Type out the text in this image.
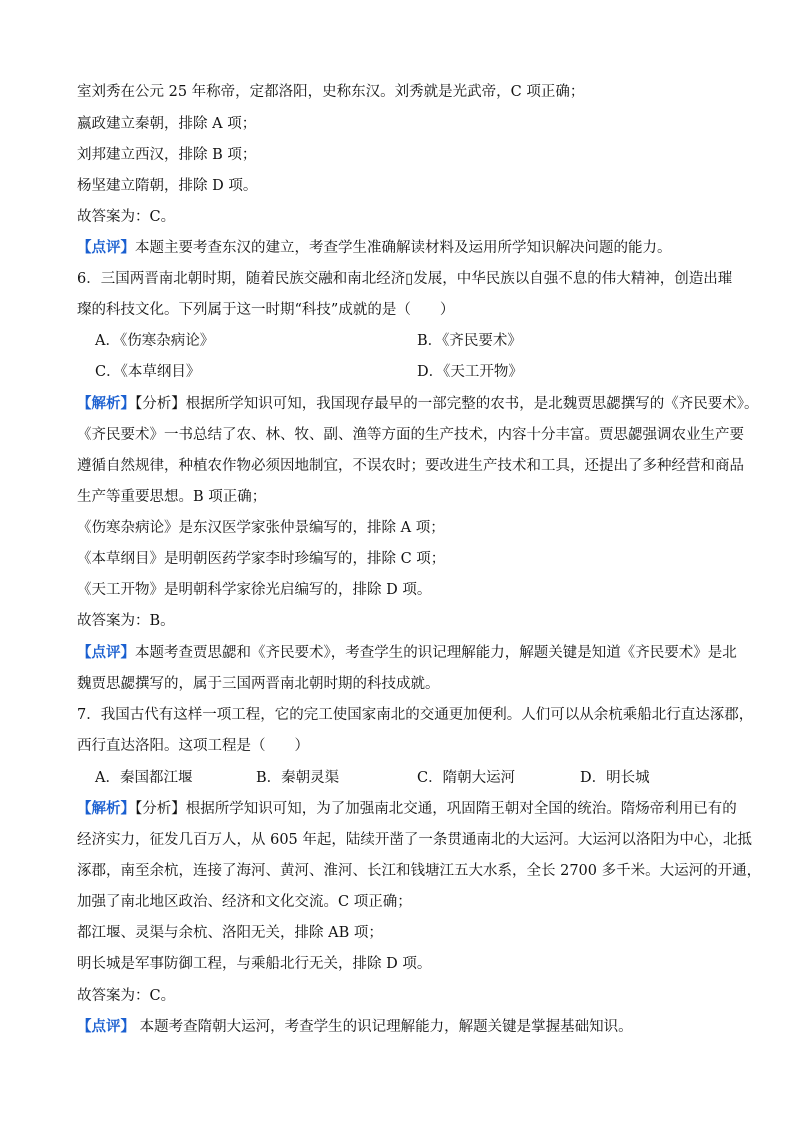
室刘秀在公元 25 年称帝，定都洛阳，史称东汉。刘秀就是光武帝，C 项正确；
嬴政建立秦朝，排除 A 项；
刘邦建立西汉，排除 B 项；
杨坚建立隋朝，排除 D 项。
故答案为：C。
【点评】本题主要考查东汉的建立，考查学生准确解读材料及运用所学知识解决问题的能力。
6．三国两晋南北朝时期，随着民族交融和南北经济▯发展，中华民族以自强不息的伟大精神，创造出璀
璨的科技文化。下列属于这一时期“科技”成就的是（　　）
A．《伤寒杂病论》	B．《齐民要术》
C．《本草纲目》	D．《天工开物》
【解析】【分析】根据所学知识可知，我国现存最早的一部完整的农书，是北魏贾思勰撰写的《齐民要术》。
《齐民要术》一书总结了农、林、牧、副、渔等方面的生产技术，内容十分丰富。贾思勰强调农业生产要
遵循自然规律，种植农作物必须因地制宜，不误农时；要改进生产技术和工具，还提出了多种经营和商品
生产等重要思想。B 项正确；
《伤寒杂病论》是东汉医学家张仲景编写的，排除 A 项；
《本草纲目》是明朝医药学家李时珍编写的，排除 C 项；
《天工开物》是明朝科学家徐光启编写的，排除 D 项。
故答案为：B。
【点评】本题考查贾思勰和《齐民要术》，考查学生的识记理解能力，解题关键是知道《齐民要术》是北
魏贾思勰撰写的，属于三国两晋南北朝时期的科技成就。
7．我国古代有这样一项工程，它的完工使国家南北的交通更加便利。人们可以从余杭乘船北行直达涿郡，
西行直达洛阳。这项工程是（　　）
A．秦国都江堰	B．秦朝灵渠	C．隋朝大运河	D．明长城
【解析】【分析】根据所学知识可知，为了加强南北交通，巩固隋王朝对全国的统治。隋炀帝利用已有的
经济实力，征发几百万人，从 605 年起，陆续开凿了一条贯通南北的大运河。大运河以洛阳为中心，北抵
涿郡，南至余杭，连接了海河、黄河、淮河、长江和钱塘江五大水系，全长 2700 多千米。大运河的开通，
加强了南北地区政治、经济和文化交流。C 项正确；
都江堰、灵渠与余杭、洛阳无关，排除 AB 项；
明长城是军事防御工程，与乘船北行无关，排除 D 项。
故答案为：C。
【点评】 本题考查隋朝大运河，考查学生的识记理解能力，解题关键是掌握基础知识。
